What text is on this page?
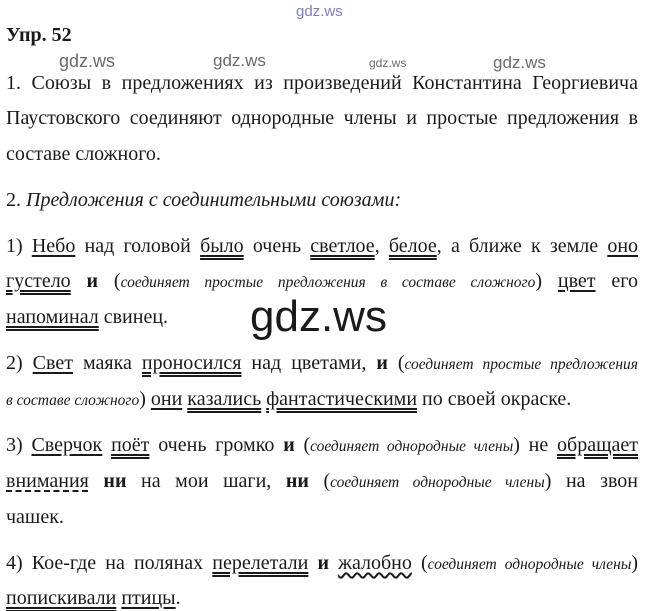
gdz.ws
gdz.ws	gdz.ws	gdz.ws	gdz.ws
gdz.ws
Упр. 52
1. Союзы в предложениях из произведений Константина Георгиевича
Паустовского соединяют однородные члены и простые предложения в
составе сложного.
2. Предложения с соединительными союзами:
1) Небо над головой было очень светлое, белое, а ближе к земле оно
густело и (соединяет простые предложения в составе сложного) цвет его
напоминал свинец.
2) Свет маяка проносился над цветами, и (соединяет простые предложения
в составе сложного) они казались фантастическими по своей окраске.
3) Сверчок поёт очень громко и (соединяет однородные члены) не обращает
внимания ни на мои шаги, ни (соединяет однородные члены) на звон
чашек.
4) Кое-где на полянах перелетали и жалобно (соединяет однородные члены)
попискивали птицы.
